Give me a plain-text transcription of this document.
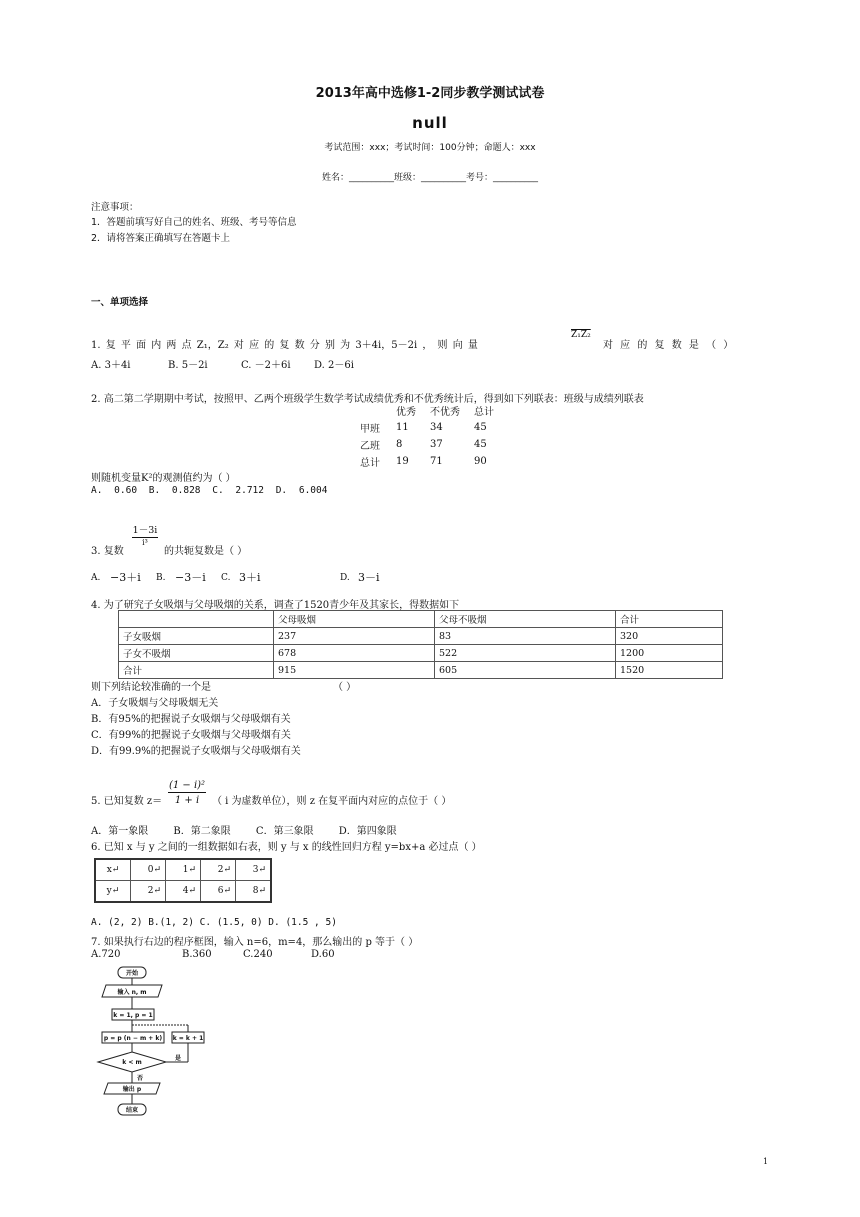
2013年高中选修1-2同步教学测试试卷
null
考试范围：xxx；考试时间：100分钟；命题人：xxx
姓名：__________班级：__________考号：__________
注意事项：
1．答题前填写好自己的姓名、班级、考号等信息
2．请将答案正确填写在答题卡上
一、单项选择
1. 复 平 面 内 两 点 Z₁，Z₂ 对 应 的 复 数 分 别 为 3＋4i，5－2i ， 则 向 量
Z₁Z₂
对 应 的 复 数 是 （ ）
A. 3＋4i	B. 5－2i	C. －2＋6i D. 2－6i
2. 高二第二学期期中考试，按照甲、乙两个班级学生数学考试成绩优秀和不优秀统计后，得到如下列联表：班级与成绩列联表
	优秀	不优秀	总计
甲班	11	34	45
乙班	8	37	45
总计	19	71	90
则随机变量K²的观测值约为（ ）
A. 0.60 B. 0.828 C. 2.712 D. 6.004
3. 复数
1－3i
i³
的共轭复数是（ ）
A. −3＋i B. −3－i C. 3＋i	D. 3－i
4. 为了研究子女吸烟与父母吸烟的关系，调查了1520青少年及其家长，得数据如下
	父母吸烟	父母不吸烟	合计
子女吸烟	237	83	320
子女不吸烟	678	522	1200
合计	915	605	1520
则下列结论较准确的一个是	（ ）
A．子女吸烟与父母吸烟无关
B．有95%的把握说子女吸烟与父母吸烟有关
C．有99%的把握说子女吸烟与父母吸烟有关
D．有99.9%的把握说子女吸烟与父母吸烟有关
5. 已知复数 $z= \frac{\text{(1 − i)²}}{1 + i}$ （ i 为虚数单位），则 z 在复平面内对应的点位于（ ）
A．第一象限 B．第二象限 C．第三象限 D．第四象限
6. 已知 x 与 y 之间的一组数据如右表，则 y 与 x 的线性回归方程 y=bx+a 必过点（ ）
x↵	0↵	1↵	2↵	3↵
y↵	2↵	4↵	6↵	8↵
A. (2, 2) B.(1, 2) C. (1.5, 0) D. (1.5 , 5)
7. 如果执行右边的程序框图，输入 n=6，m=4，那么输出的 p 等于（ ）
A.720	B.360	C.240	D.60
开始
输入 n, m
k = 1, p = 1
p = p (n − m + k)
k < m
k = k + 1
是
否
输出 p
结束
1
